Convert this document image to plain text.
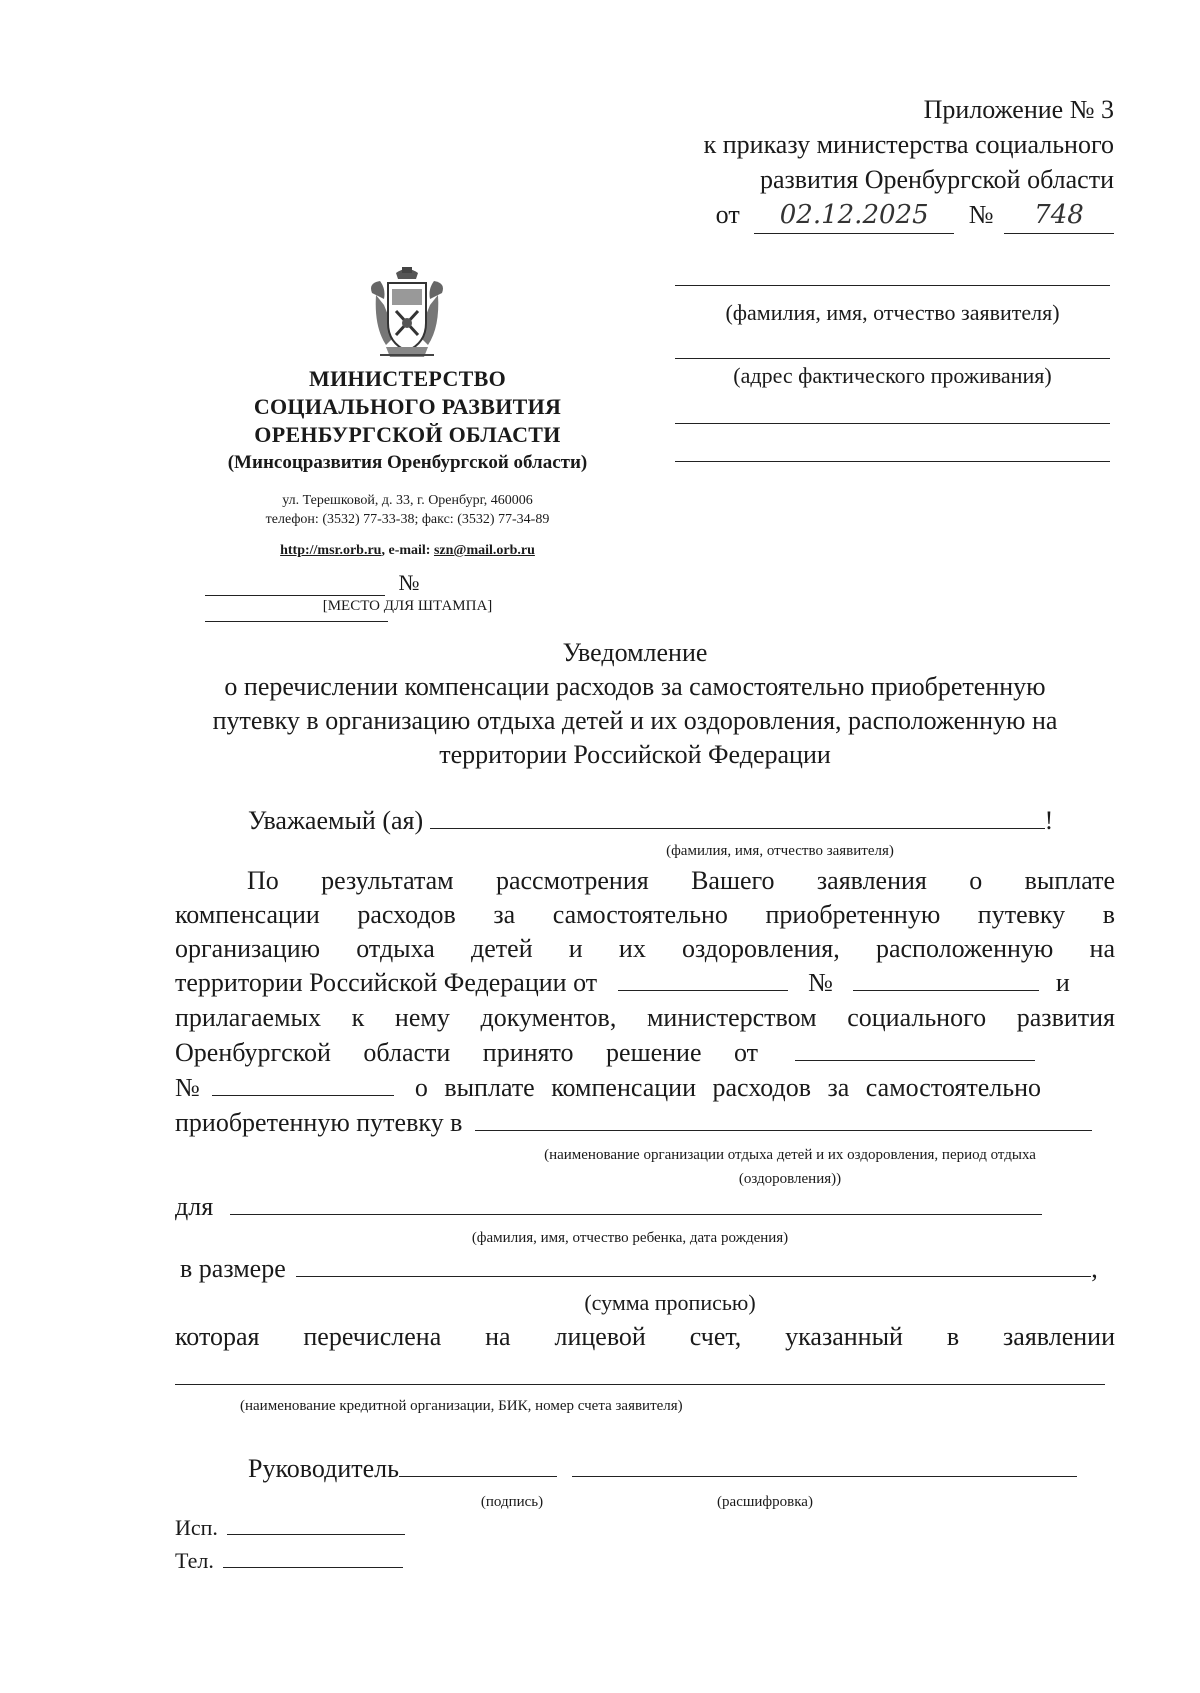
Приложение № 3
к приказу министерства социального
развития Оренбургской области
от 02.12.2025 № 748
(фамилия, имя, отчество заявителя)
(адрес фактического проживания)
МИНИСТЕРСТВО
СОЦИАЛЬНОГО РАЗВИТИЯ
ОРЕНБУРГСКОЙ ОБЛАСТИ
(Минсоцразвития Оренбургской области)
ул. Терешковой, д. 33, г. Оренбург, 460006
телефон: (3532) 77-33-38; факс: (3532) 77-34-89
http://msr.orb.ru, e-mail: szn@mail.orb.ru
№
[МЕСТО ДЛЯ ШТАМПА]
Уведомление
о перечислении компенсации расходов за самостоятельно приобретенную
путевку в организацию отдыха детей и их оздоровления, расположенную на
территории Российской Федерации
Уважаемый (ая)	!
(фамилия, имя, отчество заявителя)
По результатам рассмотрения Вашего заявления о выплате
компенсации расходов за самостоятельно приобретенную путевку в
организацию отдыха детей и их оздоровления, расположенную на
территории Российской Федерации от	№	и
прилагаемых к нему документов, министерством социального развития
Оренбургской области принято решение от
№	о выплате компенсации расходов за самостоятельно
приобретенную путевку в
(наименование организации отдыха детей и их оздоровления, период отдыха
(оздоровления))
для
(фамилия, имя, отчество ребенка, дата рождения)
в размере	,
(сумма прописью)
которая перечислена на лицевой счет, указанный в заявлении
(наименование кредитной организации, БИК, номер счета заявителя)
Руководитель
(подпись)	(расшифровка)
Исп.
Тел.
